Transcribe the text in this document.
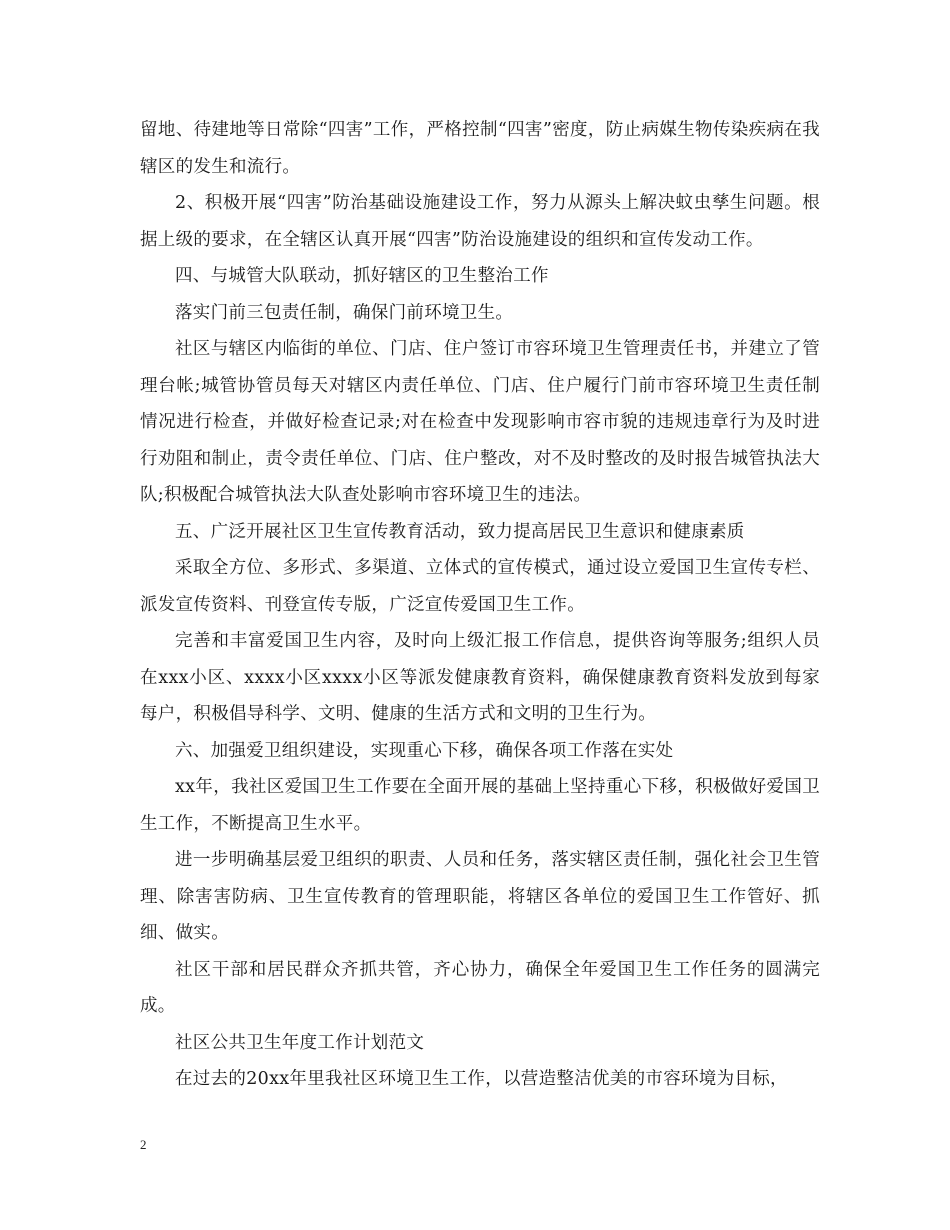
留地、待建地等日常除“四害”工作，严格控制“四害”密度，防止病媒生物传染疾病在我辖区的发生和流行。

2、积极开展“四害”防治基础设施建设工作，努力从源头上解决蚊虫孳生问题。根据上级的要求，在全辖区认真开展“四害”防治设施建设的组织和宣传发动工作。

四、与城管大队联动，抓好辖区的卫生整治工作

落实门前三包责任制，确保门前环境卫生。

社区与辖区内临街的单位、门店、住户签订市容环境卫生管理责任书，并建立了管理台帐;城管协管员每天对辖区内责任单位、门店、住户履行门前市容环境卫生责任制情况进行检查，并做好检查记录;对在检查中发现影响市容市貌的违规违章行为及时进行劝阻和制止，责令责任单位、门店、住户整改，对不及时整改的及时报告城管执法大队;积极配合城管执法大队查处影响市容环境卫生的违法。

五、广泛开展社区卫生宣传教育活动，致力提高居民卫生意识和健康素质

采取全方位、多形式、多渠道、立体式的宣传模式，通过设立爱国卫生宣传专栏、派发宣传资料、刊登宣传专版，广泛宣传爱国卫生工作。

完善和丰富爱国卫生内容，及时向上级汇报工作信息，提供咨询等服务;组织人员在xxx小区、xxxx小区xxxx小区等派发健康教育资料，确保健康教育资料发放到每家每户，积极倡导科学、文明、健康的生活方式和文明的卫生行为。

六、加强爱卫组织建设，实现重心下移，确保各项工作落在实处

xx年，我社区爱国卫生工作要在全面开展的基础上坚持重心下移，积极做好爱国卫生工作，不断提高卫生水平。

进一步明确基层爱卫组织的职责、人员和任务，落实辖区责任制，强化社会卫生管理、除害害防病、卫生宣传教育的管理职能，将辖区各单位的爱国卫生工作管好、抓细、做实。

社区干部和居民群众齐抓共管，齐心协力，确保全年爱国卫生工作任务的圆满完成。

社区公共卫生年度工作计划范文

在过去的20xx年里我社区环境卫生工作，以营造整洁优美的市容环境为目标，

2
